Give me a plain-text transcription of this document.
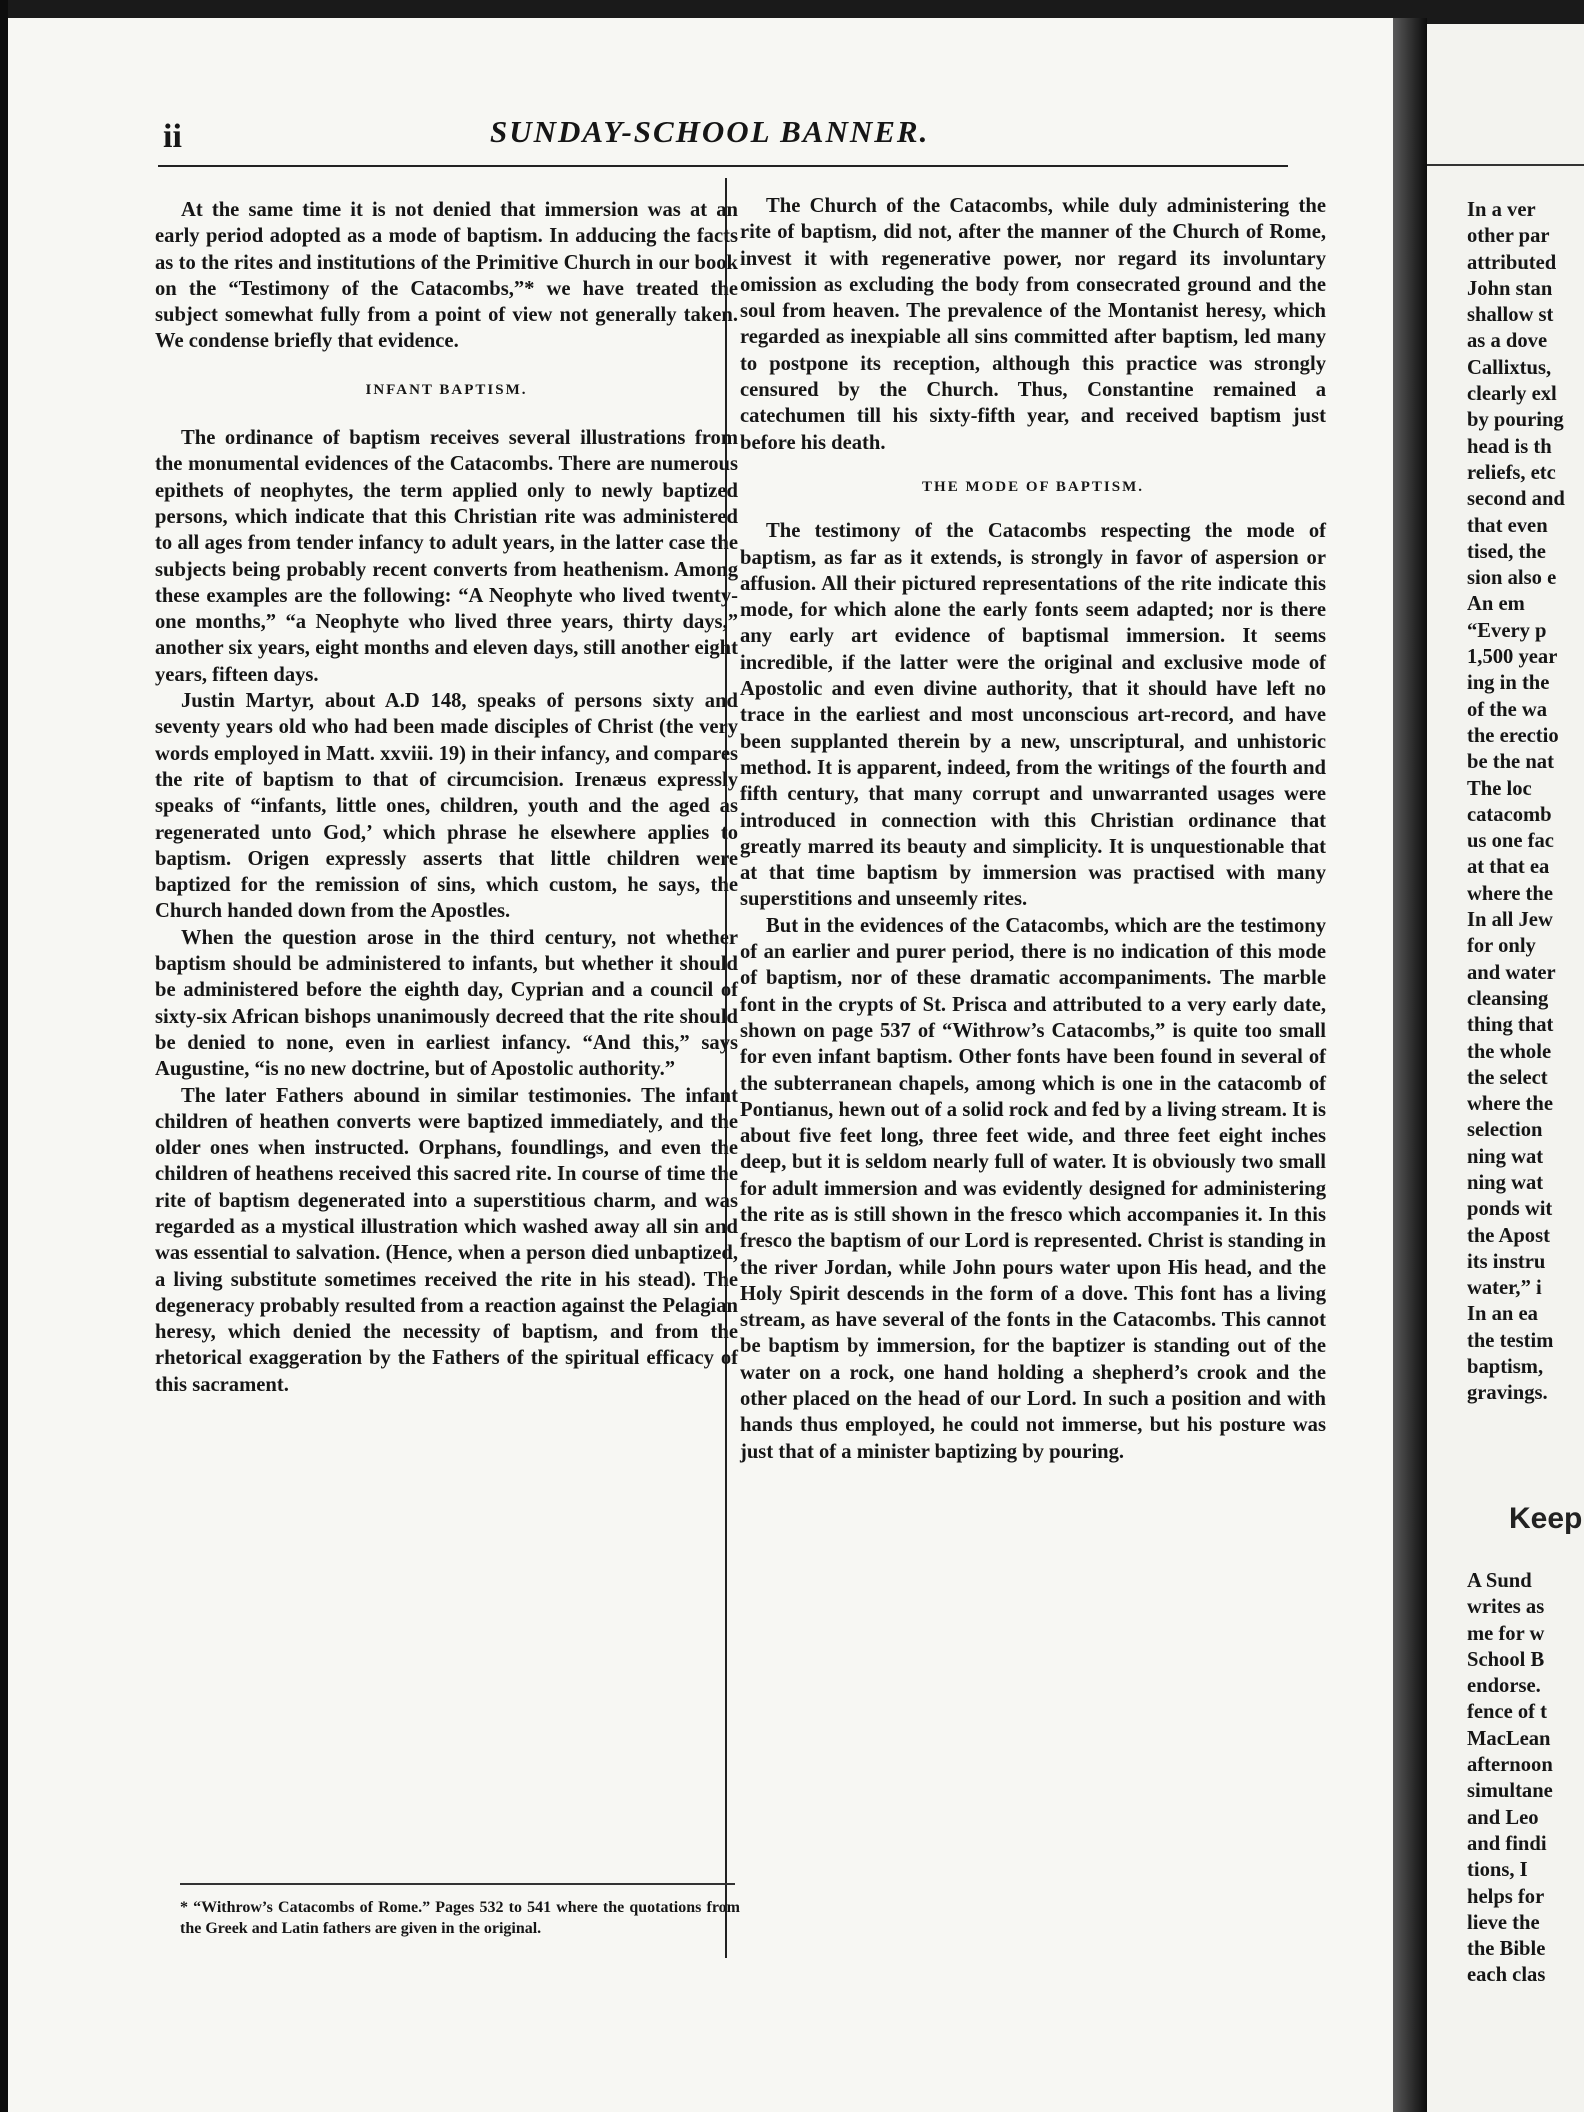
ii	SUNDAY-SCHOOL BANNER.

At the same time it is not denied that immersion was at an early period adopted as a mode of baptism. In adducing the facts as to the rites and institutions of the Primitive Church in our book on the “Testimony of the Catacombs,”* we have treated the subject somewhat fully from a point of view not generally taken. We condense briefly that evidence.

INFANT BAPTISM.

The ordinance of baptism receives several illustrations from the monumental evidences of the Catacombs. There are numerous epithets of neophytes, the term applied only to newly baptized persons, which indicate that this Christian rite was administered to all ages from tender infancy to adult years, in the latter case the subjects being probably recent converts from heathenism. Among these examples are the following: “A Neophyte who lived twenty-one months,” “a Neophyte who lived three years, thirty days,” another six years, eight months and eleven days, still another eight years, fifteen days.

Justin Martyr, about A.D 148, speaks of persons sixty and seventy years old who had been made disciples of Christ (the very words employed in Matt. xxviii. 19) in their infancy, and compares the rite of baptism to that of circumcision. Irenæus expressly speaks of “infants, little ones, children, youth and the aged as regenerated unto God,’ which phrase he elsewhere applies to baptism. Origen expressly asserts that little children were baptized for the remission of sins, which custom, he says, the Church handed down from the Apostles.

When the question arose in the third century, not whether baptism should be administered to infants, but whether it should be administered before the eighth day, Cyprian and a council of sixty-six African bishops unanimously decreed that the rite should be denied to none, even in earliest infancy. “And this,” says Augustine, “is no new doctrine, but of Apostolic authority.”

The later Fathers abound in similar testimonies. The infant children of heathen converts were baptized immediately, and the older ones when instructed. Orphans, foundlings, and even the children of heathens received this sacred rite. In course of time the rite of baptism degenerated into a superstitious charm, and was regarded as a mystical illustration which washed away all sin and was essential to salvation. (Hence, when a person died unbaptized, a living substitute sometimes received the rite in his stead). The degeneracy probably resulted from a reaction against the Pelagian heresy, which denied the necessity of baptism, and from the rhetorical exaggeration by the Fathers of the spiritual efficacy of this sacrament.

* “Withrow’s Catacombs of Rome.” Pages 532 to 541 where the quotations from the Greek and Latin fathers are given in the original.

The Church of the Catacombs, while duly administering the rite of baptism, did not, after the manner of the Church of Rome, invest it with regenerative power, nor regard its involuntary omission as excluding the body from consecrated ground and the soul from heaven. The prevalence of the Montanist heresy, which regarded as inexpiable all sins committed after baptism, led many to postpone its reception, although this practice was strongly censured by the Church. Thus, Constantine remained a catechumen till his sixty-fifth year, and received baptism just before his death.

THE MODE OF BAPTISM.

The testimony of the Catacombs respecting the mode of baptism, as far as it extends, is strongly in favor of aspersion or affusion. All their pictured representations of the rite indicate this mode, for which alone the early fonts seem adapted; nor is there any early art evidence of baptismal immersion. It seems incredible, if the latter were the original and exclusive mode of Apostolic and even divine authority, that it should have left no trace in the earliest and most unconscious art-record, and have been supplanted therein by a new, unscriptural, and unhistoric method. It is apparent, indeed, from the writings of the fourth and fifth century, that many corrupt and unwarranted usages were introduced in connection with this Christian ordinance that greatly marred its beauty and simplicity. It is unquestionable that at that time baptism by immersion was practised with many superstitions and unseemly rites.

But in the evidences of the Catacombs, which are the testimony of an earlier and purer period, there is no indication of this mode of baptism, nor of these dramatic accompaniments. The marble font in the crypts of St. Prisca and attributed to a very early date, shown on page 537 of “Withrow’s Catacombs,” is quite too small for even infant baptism. Other fonts have been found in several of the subterranean chapels, among which is one in the catacomb of Pontianus, hewn out of a solid rock and fed by a living stream. It is about five feet long, three feet wide, and three feet eight inches deep, but it is seldom nearly full of water. It is obviously two small for adult immersion and was evidently designed for administering the rite as is still shown in the fresco which accompanies it. In this fresco the baptism of our Lord is represented. Christ is standing in the river Jordan, while John pours water upon His head, and the Holy Spirit descends in the form of a dove. This font has a living stream, as have several of the fonts in the Catacombs. This cannot be baptism by immersion, for the baptizer is standing out of the water on a rock, one hand holding a shepherd’s crook and the other placed on the head of our Lord. In such a position and with hands thus employed, he could not immerse, but his posture was just that of a minister baptizing by pouring.

In a ver
other par
attributed
John stan
shallow st
as a dove
Callixtus,
clearly exl
by pouring
head is th
reliefs, etc
second and
that even
tised, the
sion also e
An em
“Every p
1,500 year
ing in the
of the wa
the erectio
be the nat
The loc
catacomb
us one fac
at that ea
where the
In all Jew
for only
and water
cleansing
thing that
the whole
the select
where the
selection
ning wat
ning wat
ponds wit
the Apost
its instru
water,” i
In an ea
the testim
baptism,
gravings.
Keep
A Sund
writes as
me for w
School B
endorse.
fence of t
MacLean
afternoon
simultane
and Leo
and findi
tions, I
helps for
lieve the
the Bible
each clas
